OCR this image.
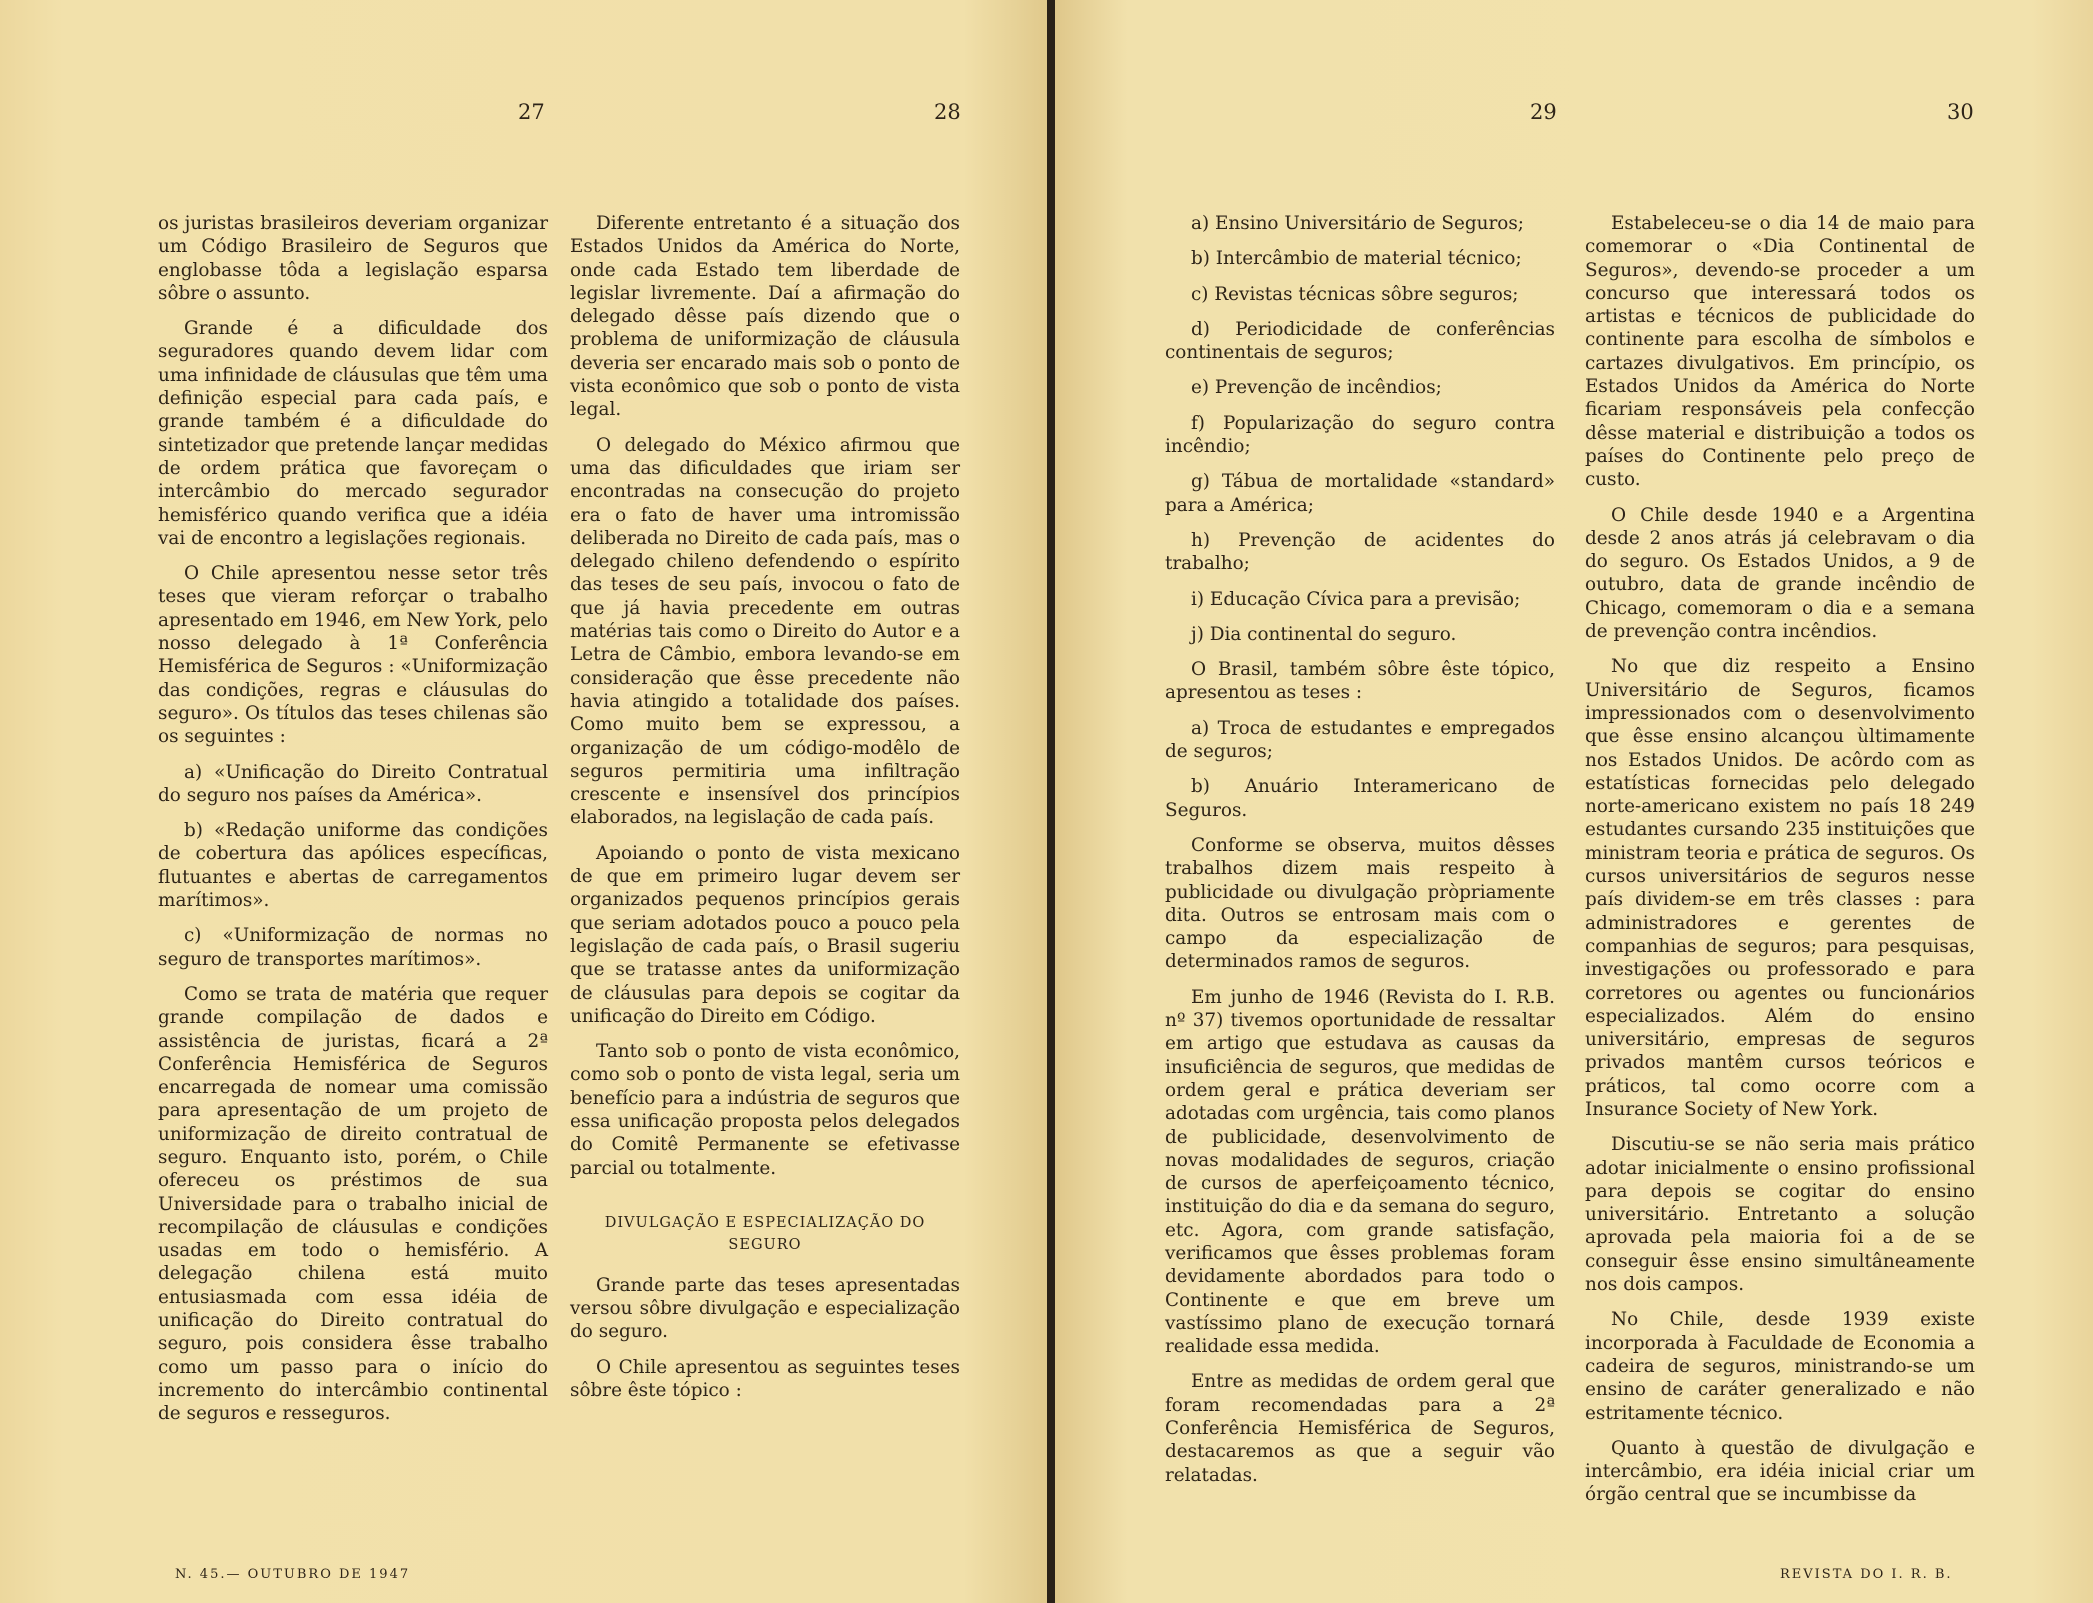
27	28

os juristas brasileiros deveriam organizar um Código Brasileiro de Seguros que englobasse tôda a legislação esparsa sôbre o assunto.

Grande é a dificuldade dos seguradores quando devem lidar com uma infinidade de cláusulas que têm uma definição especial para cada país, e grande também é a dificuldade do sintetizador que pretende lançar medidas de ordem prática que favoreçam o intercâmbio do mercado segurador hemisférico quando verifica que a idéia vai de encontro a legislações regionais.

O Chile apresentou nesse setor três teses que vieram reforçar o trabalho apresentado em 1946, em New York, pelo nosso delegado à 1ª Conferência Hemisférica de Seguros : «Uniformização das condições, regras e cláusulas do seguro». Os títulos das teses chilenas são os seguintes :

a) «Unificação do Direito Contratual do seguro nos países da América».

b) «Redação uniforme das condições de cobertura das apólices específicas, flutuantes e abertas de carregamentos marítimos».

c) «Uniformização de normas no seguro de transportes marítimos».

Como se trata de matéria que requer grande compilação de dados e assistência de juristas, ficará a 2ª Conferência Hemisférica de Seguros encarregada de nomear uma comissão para apresentação de um projeto de uniformização de direito contratual de seguro. Enquanto isto, porém, o Chile ofereceu os préstimos de sua Universidade para o trabalho inicial de recompilação de cláusulas e condições usadas em todo o hemisfério. A delegação chilena está muito entusiasmada com essa idéia de unificação do Direito contratual do seguro, pois considera êsse trabalho como um passo para o início do incremento do intercâmbio continental de seguros e resseguros.

Diferente entretanto é a situação dos Estados Unidos da América do Norte, onde cada Estado tem liberdade de legislar livremente. Daí a afirmação do delegado dêsse país dizendo que o problema de uniformização de cláusula deveria ser encarado mais sob o ponto de vista econômico que sob o ponto de vista legal.

O delegado do México afirmou que uma das dificuldades que iriam ser encontradas na consecução do projeto era o fato de haver uma intromissão deliberada no Direito de cada país, mas o delegado chileno defendendo o espírito das teses de seu país, invocou o fato de que já havia precedente em outras matérias tais como o Direito do Autor e a Letra de Câmbio, embora levando-se em consideração que êsse precedente não havia atingido a totalidade dos países. Como muito bem se expressou, a organização de um código-modêlo de seguros permitiria uma infiltração crescente e insensível dos princípios elaborados, na legislação de cada país.

Apoiando o ponto de vista mexicano de que em primeiro lugar devem ser organizados pequenos princípios gerais que seriam adotados pouco a pouco pela legislação de cada país, o Brasil sugeriu que se tratasse antes da uniformização de cláusulas para depois se cogitar da unificação do Direito em Código.

Tanto sob o ponto de vista econômico, como sob o ponto de vista legal, seria um benefício para a indústria de seguros que essa unificação proposta pelos delegados do Comitê Permanente se efetivasse parcial ou totalmente.

DIVULGAÇÃO E ESPECIALIZAÇÃO DO
SEGURO

Grande parte das teses apresentadas versou sôbre divulgação e especialização do seguro.

O Chile apresentou as seguintes teses sôbre êste tópico :

N. 45.— OUTUBRO DE 1947
29	30

a) Ensino Universitário de Seguros;

b) Intercâmbio de material técnico;

c) Revistas técnicas sôbre seguros;

d) Periodicidade de conferências continentais de seguros;

e) Prevenção de incêndios;

f) Popularização do seguro contra incêndio;

g) Tábua de mortalidade «standard» para a América;

h) Prevenção de acidentes do trabalho;

i) Educação Cívica para a previsão;

j) Dia continental do seguro.

O Brasil, também sôbre êste tópico, apresentou as teses :

a) Troca de estudantes e empregados de seguros;

b) Anuário Interamericano de Seguros.

Conforme se observa, muitos dêsses trabalhos dizem mais respeito à publicidade ou divulgação pròpriamente dita. Outros se entrosam mais com o campo da especialização de determinados ramos de seguros.

Em junho de 1946 (Revista do I. R.B. nº 37) tivemos oportunidade de ressaltar em artigo que estudava as causas da insuficiência de seguros, que medidas de ordem geral e prática deveriam ser adotadas com urgência, tais como planos de publicidade, desenvolvimento de novas modalidades de seguros, criação de cursos de aperfeiçoamento técnico, instituição do dia e da semana do seguro, etc. Agora, com grande satisfação, verificamos que êsses problemas foram devidamente abordados para todo o Continente e que em breve um vastíssimo plano de execução tornará realidade essa medida.

Entre as medidas de ordem geral que foram recomendadas para a 2ª Conferência Hemisférica de Seguros, destacaremos as que a seguir vão relatadas.

Estabeleceu-se o dia 14 de maio para comemorar o «Dia Continental de Seguros», devendo-se proceder a um concurso que interessará todos os artistas e técnicos de publicidade do continente para escolha de símbolos e cartazes divulgativos. Em princípio, os Estados Unidos da América do Norte ficariam responsáveis pela confecção dêsse material e distribuição a todos os países do Continente pelo preço de custo.

O Chile desde 1940 e a Argentina desde 2 anos atrás já celebravam o dia do seguro. Os Estados Unidos, a 9 de outubro, data de grande incêndio de Chicago, comemoram o dia e a semana de prevenção contra incêndios.

No que diz respeito a Ensino Universitário de Seguros, ficamos impressionados com o desenvolvimento que êsse ensino alcançou ùltimamente nos Estados Unidos. De acôrdo com as estatísticas fornecidas pelo delegado norte-americano existem no país 18 249 estudantes cursando 235 instituições que ministram teoria e prática de seguros. Os cursos universitários de seguros nesse país dividem-se em três classes : para administradores e gerentes de companhias de seguros; para pesquisas, investigações ou professorado e para corretores ou agentes ou funcionários especializados. Além do ensino universitário, empresas de seguros privados mantêm cursos teóricos e práticos, tal como ocorre com a Insurance Society of New York.

Discutiu-se se não seria mais prático adotar inicialmente o ensino profissional para depois se cogitar do ensino universitário. Entretanto a solução aprovada pela maioria foi a de se conseguir êsse ensino simultâneamente nos dois campos.

No Chile, desde 1939 existe incorporada à Faculdade de Economia a cadeira de seguros, ministrando-se um ensino de caráter generalizado e não estritamente técnico.

Quanto à questão de divulgação e intercâmbio, era idéia inicial criar um órgão central que se incumbisse da

REVISTA DO I. R. B.
